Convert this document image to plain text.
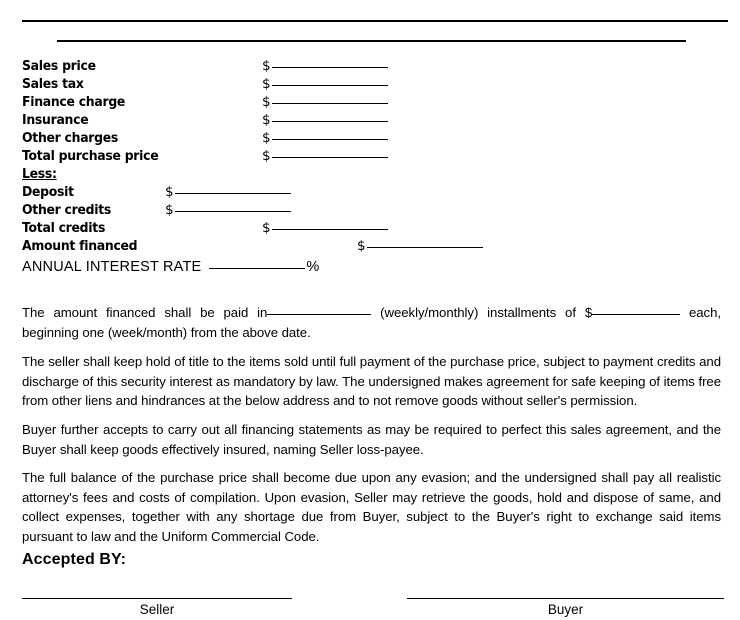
Sales price	$
Sales tax	$
Finance charge	$
Insurance	$
Other charges	$
Total purchase price	$
Less:
Deposit	$
Other credits	$
Total credits	$
Amount financed	$
ANNUAL INTEREST RATE	%
The amount financed shall be paid in	(weekly/monthly) installments of $	each, beginning one (week/month) from the above date.
The seller shall keep hold of title to the items sold until full payment of the purchase price, subject to payment credits and discharge of this security interest as mandatory by law. The undersigned makes agreement for safe keeping of items free from other liens and hindrances at the below address and to not remove goods without seller's permission.
Buyer further accepts to carry out all financing statements as may be required to perfect this sales agreement, and the Buyer shall keep goods effectively insured, naming Seller loss-payee.
The full balance of the purchase price shall become due upon any evasion; and the undersigned shall pay all realistic attorney's fees and costs of compilation. Upon evasion, Seller may retrieve the goods, hold and dispose of same, and collect expenses, together with any shortage due from Buyer, subject to the Buyer's right to exchange said items pursuant to law and the Uniform Commercial Code.
Accepted BY:
Seller	Buyer
